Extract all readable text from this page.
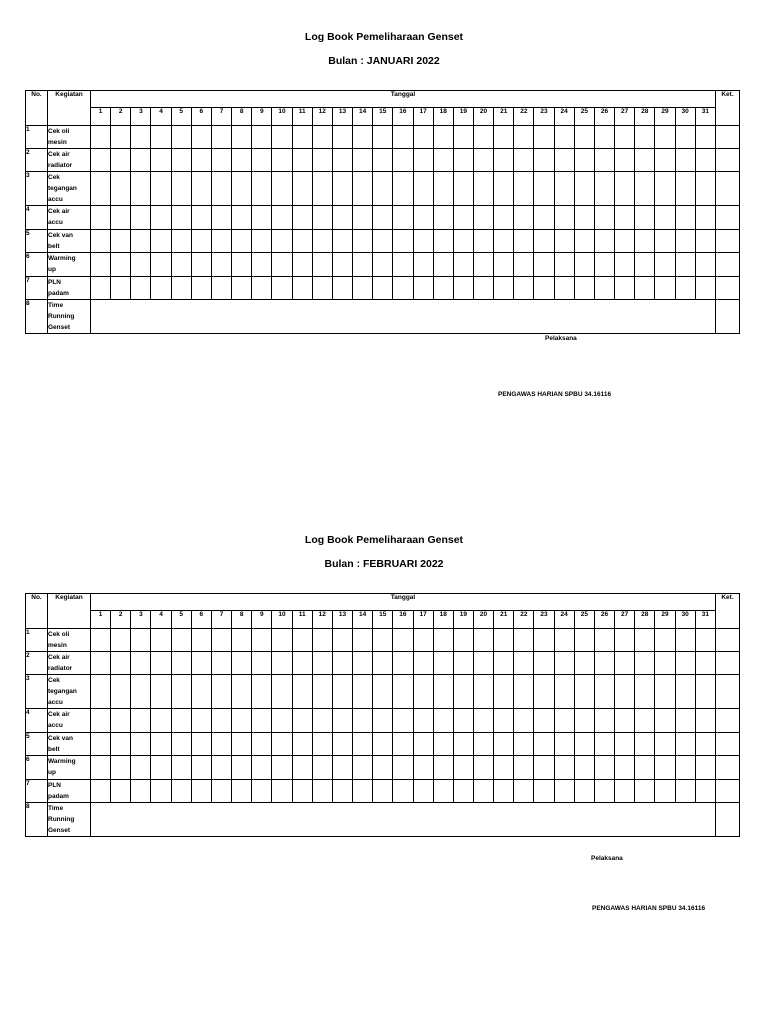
Log Book Pemeliharaan Genset
Bulan : JANUARI 2022
No.	Kegiatan	Tanggal																															Ket.
		1	2	3	4	5	6	7	8	9	10	11	12	13	14	15	16	17	18	19	20	21	22	23	24	25	26	27	28	29	30	31	
1	Cek oli
mesin																																

2	Cek air
radiator																																

3	Cek
tegangan
accu																																

4	Cek air
accu																																

5	Cek van
belt																																

6	Warming
up																																

7	PLN
padam																																

8	Time
Running
Genset																																

Pelaksana
PENGAWAS HARIAN SPBU 34.16116
Log Book Pemeliharaan Genset
Bulan : FEBRUARI 2022
No.	Kegiatan	Tanggal																															Ket.
		1	2	3	4	5	6	7	8	9	10	11	12	13	14	15	16	17	18	19	20	21	22	23	24	25	26	27	28	29	30	31	
1	Cek oli
mesin																																

2	Cek air
radiator																																

3	Cek
tegangan
accu																																

4	Cek air
accu																																

5	Cek van
belt																																

6	Warming
up																																

7	PLN
padam																																

8	Time
Running
Genset																																

Pelaksana
PENGAWAS HARIAN SPBU 34.16116
